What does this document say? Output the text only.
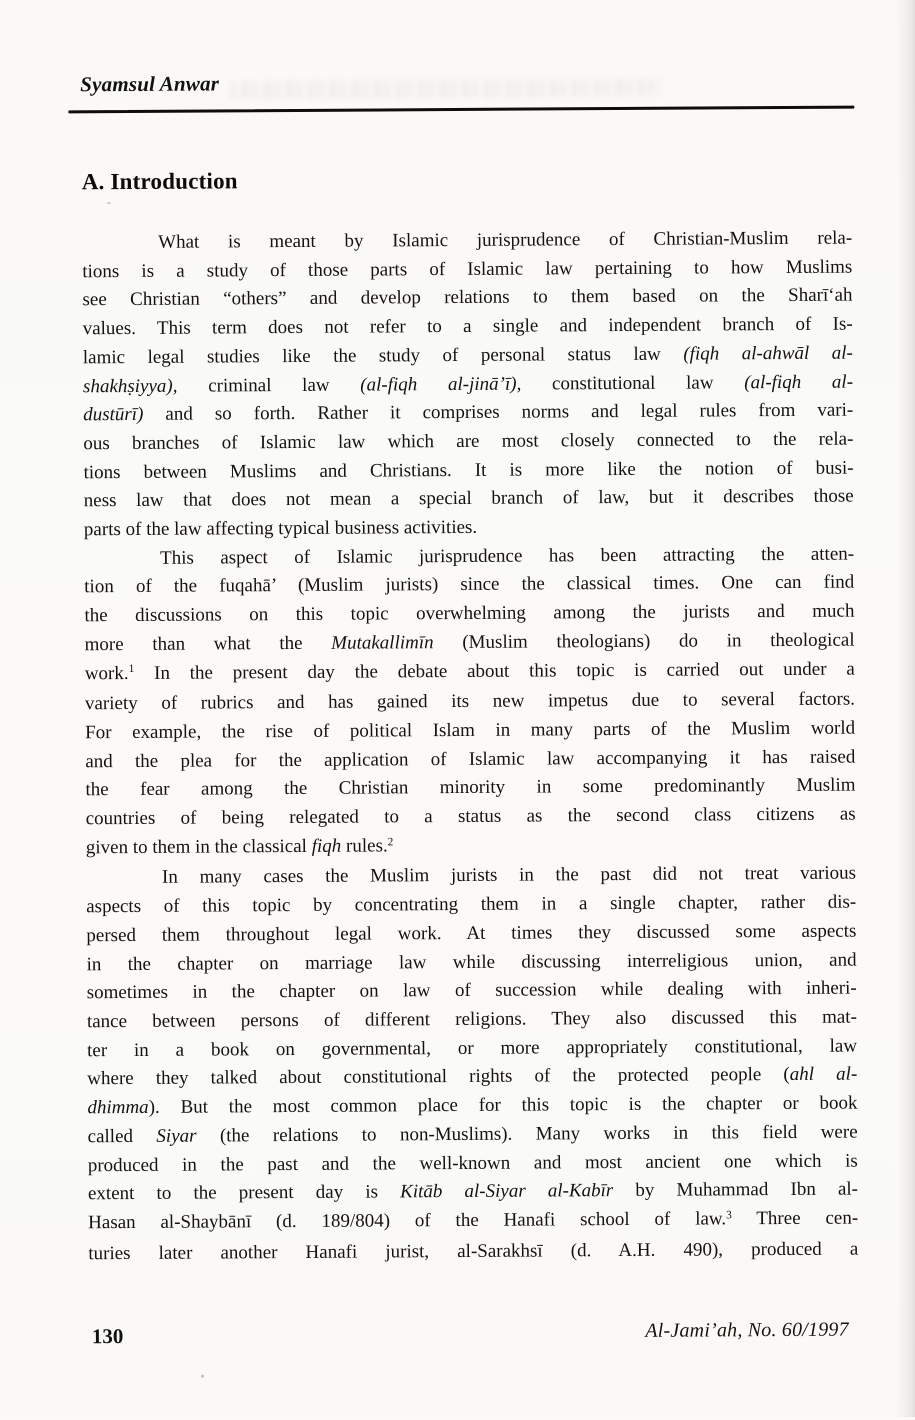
Syamsul Anwar
A. Introduction
What is meant by Islamic jurisprudence of Christian-Muslim rela-
tions is a study of those parts of Islamic law pertaining to how Muslims
see Christian “others” and develop relations to them based on the Sharī‘ah
values. This term does not refer to a single and independent branch of Is-
lamic legal studies like the study of personal status law (fiqh al-ahwāl al-
shakhṣiyya), criminal law (al-fiqh al-jinā’ī), constitutional law (al-fiqh al-
dustūrī) and so forth. Rather it comprises norms and legal rules from vari-
ous branches of Islamic law which are most closely connected to the rela-
tions between Muslims and Christians. It is more like the notion of busi-
ness law that does not mean a special branch of law, but it describes those
parts of the law affecting typical business activities.
This aspect of Islamic jurisprudence has been attracting the atten-
tion of the fuqahā’ (Muslim jurists) since the classical times. One can find
the discussions on this topic overwhelming among the jurists and much
more than what the Mutakallimīn (Muslim theologians) do in theological
work.$^1$ In the present day the debate about this topic is carried out under a
variety of rubrics and has gained its new impetus due to several factors.
For example, the rise of political Islam in many parts of the Muslim world
and the plea for the application of Islamic law accompanying it has raised
the fear among the Christian minority in some predominantly Muslim
countries of being relegated to a status as the second class citizens as
given to them in the classical fiqh rules.$^2$
In many cases the Muslim jurists in the past did not treat various
aspects of this topic by concentrating them in a single chapter, rather dis-
persed them throughout legal work. At times they discussed some aspects
in the chapter on marriage law while discussing interreligious union, and
sometimes in the chapter on law of succession while dealing with inheri-
tance between persons of different religions. They also discussed this mat-
ter in a book on governmental, or more appropriately constitutional, law
where they talked about constitutional rights of the protected people (ahl al-
dhimma). But the most common place for this topic is the chapter or book
called Siyar (the relations to non-Muslims). Many works in this field were
produced in the past and the well-known and most ancient one which is
extent to the present day is Kitāb al-Siyar al-Kabīr by Muhammad Ibn al-
Hasan al-Shaybānī (d. 189/804) of the Hanafi school of law.$^3$ Three cen-
turies later another Hanafi jurist, al-Sarakhsī (d. A.H. 490), produced a
130	Al-Jami’ah, No. 60/1997
